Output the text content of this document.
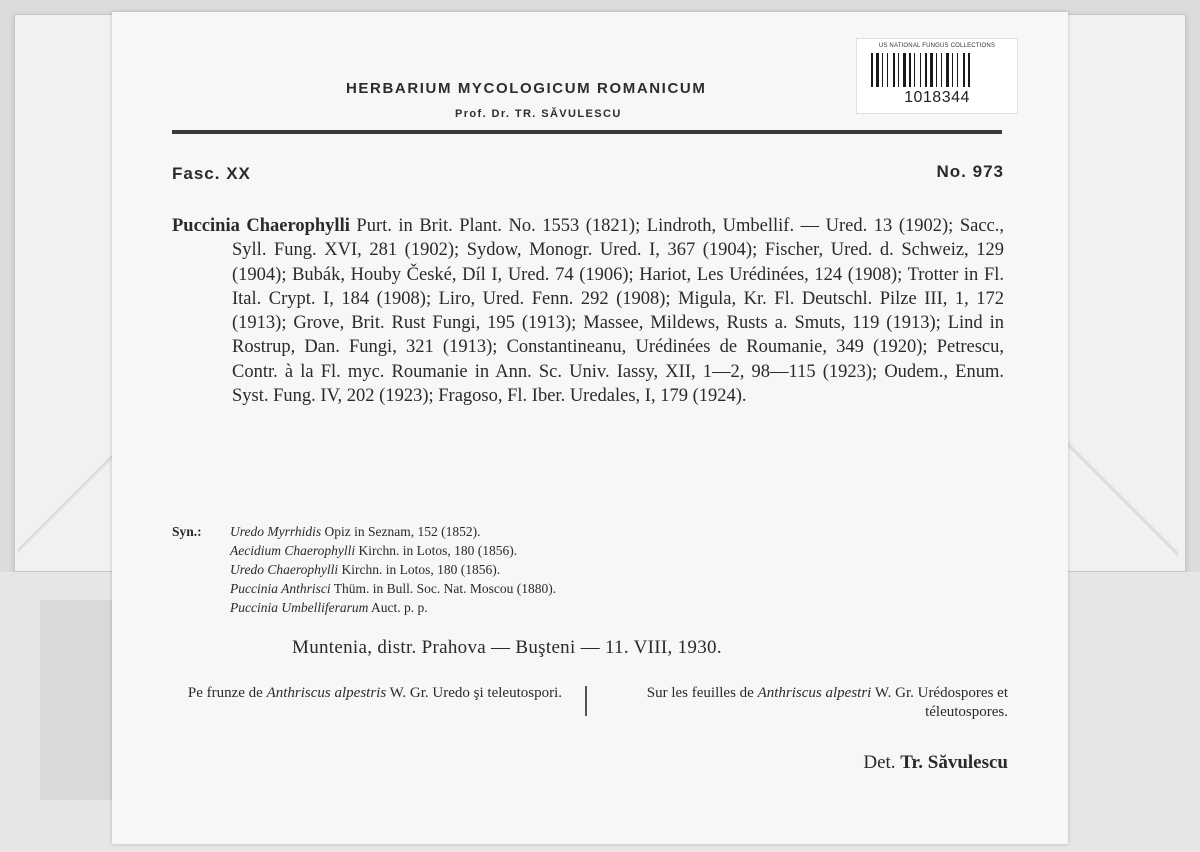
HERBARIUM MYCOLOGICUM ROMANICUM
Prof. Dr. TR. SĂVULESCU
US NATIONAL FUNGUS COLLECTIONS
1018344
Fasc. XX	No. 973
Puccinia Chaerophylli Purt. in Brit. Plant. No. 1553 (1821); Lindroth, Umbellif. — Ured. 13 (1902); Sacc., Syll. Fung. XVI, 281 (1902); Sydow, Monogr. Ured. I, 367 (1904); Fischer, Ured. d. Schweiz, 129 (1904); Bubák, Houby České, Díl I, Ured. 74 (1906); Hariot, Les Urédinées, 124 (1908); Trotter in Fl. Ital. Crypt. I, 184 (1908); Liro, Ured. Fenn. 292 (1908); Migula, Kr. Fl. Deutschl. Pilze III, 1, 172 (1913); Grove, Brit. Rust Fungi, 195 (1913); Massee, Mildews, Rusts a. Smuts, 119 (1913); Lind in Rostrup, Dan. Fungi, 321 (1913); Constantineanu, Urédinées de Roumanie, 349 (1920); Petrescu, Contr. à la Fl. myc. Roumanie in Ann. Sc. Univ. Iassy, XII, 1—2, 98—115 (1923); Oudem., Enum. Syst. Fung. IV, 202 (1923); Fragoso, Fl. Iber. Uredales, I, 179 (1924).
Syn.: Uredo Myrrhidis Opiz in Seznam, 152 (1852).
Aecidium Chaerophylli Kirchn. in Lotos, 180 (1856).
Uredo Chaerophylli Kirchn. in Lotos, 180 (1856).
Puccinia Anthrisci Thüm. in Bull. Soc. Nat. Moscou (1880).
Puccinia Umbelliferarum Auct. p. p.
Muntenia, distr. Prahova — Buşteni — 11. VIII, 1930.
Pe frunze de Anthriscus alpestris W. Gr. Uredo şi teleutospori.	Sur les feuilles de Anthriscus alpestri W. Gr. Urédospores et téleutospores.
Det. Tr. Săvulescu
